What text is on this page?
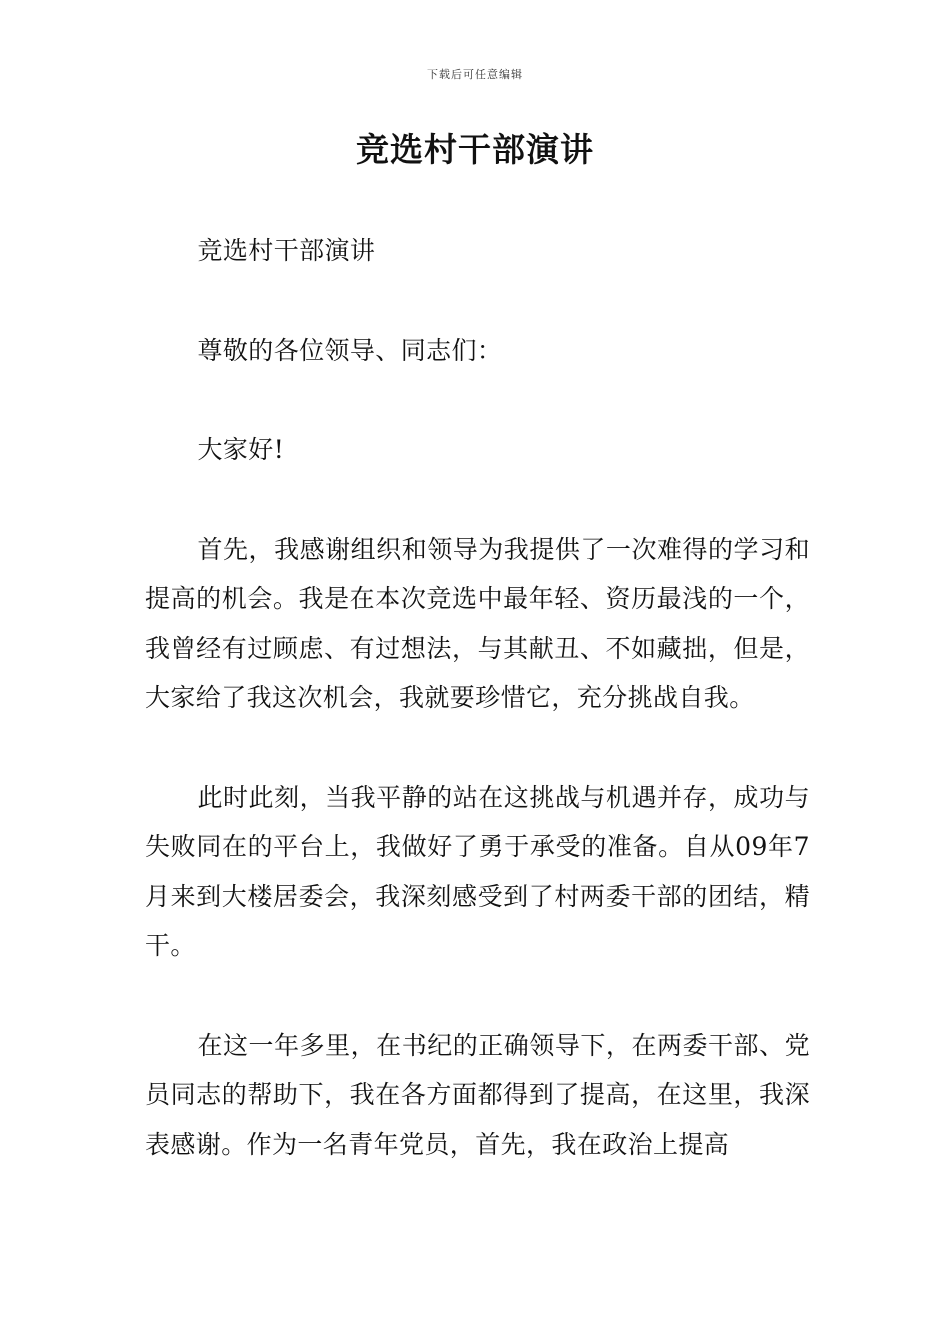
下载后可任意编辑

竞选村干部演讲

竞选村干部演讲

尊敬的各位领导、同志们：

大家好!

首先，我感谢组织和领导为我提供了一次难得的学习和提高的机会。我是在本次竞选中最年轻、资历最浅的一个，我曾经有过顾虑、有过想法，与其献丑、不如藏拙，但是，大家给了我这次机会，我就要珍惜它，充分挑战自我。

此时此刻，当我平静的站在这挑战与机遇并存，成功与失败同在的平台上，我做好了勇于承受的准备。自从09年7月来到大楼居委会，我深刻感受到了村两委干部的团结，精干。

在这一年多里，在书纪的正确领导下，在两委干部、党员同志的帮助下，我在各方面都得到了提高，在这里，我深表感谢。作为一名青年党员，首先，我在政治上提高
